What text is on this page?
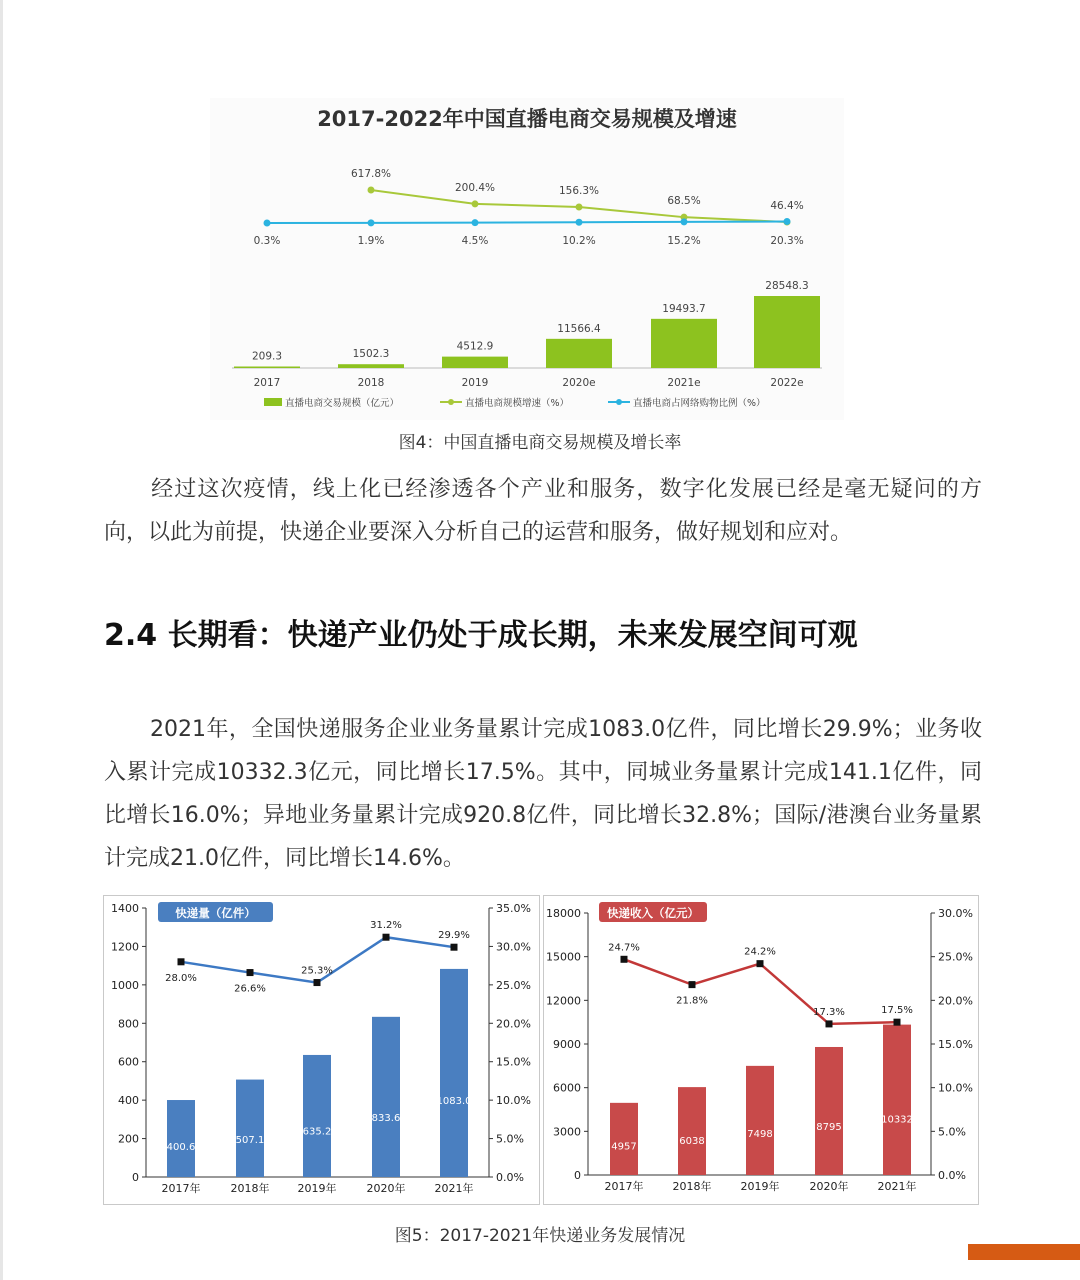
2017-2022年中国直播电商交易规模及增速
209.3
2017
1502.3
2018
4512.9
2019
11566.4
2020e
19493.7
2021e
28548.3
2022e
617.8%
200.4%	156.3%
68.5%	46.4%
0.3%	1.9%	4.5%	10.2%	15.2%	20.3%
直播电商交易规模（亿元）	直播电商规模增速（%）	直播电商占网络购物比例（%）
图4：中国直播电商交易规模及增长率
经过这次疫情，线上化已经渗透各个产业和服务，数字化发展已经是毫无疑问的方向，以此为前提，快递企业要深入分析自己的运营和服务，做好规划和应对。
2.4 长期看：快递产业仍处于成长期，未来发展空间可观
2021年，全国快递服务企业业务量累计完成1083.0亿件，同比增长29.9%；业务收入累计完成10332.3亿元，同比增长17.5%。其中，同城业务量累计完成141.1亿件，同比增长16.0%；异地业务量累计完成920.8亿件，同比增长32.8%；国际/港澳台业务量累计完成21.0亿件，同比增长14.6%。
0
200
400
600
800
1000
1200
1400
0.0%
5.0%
10.0%
15.0%
20.0%
25.0%
30.0%
35.0%
400.6
2017年
507.1
2018年
635.2
2019年
833.6
2020年
1083.0
2021年
28.0%
26.6%
25.3%
31.2%
29.9%
快递量（亿件）
0
3000
6000
9000
12000
15000
18000
0.0%
5.0%
10.0%
15.0%
20.0%
25.0%
30.0%
4957
2017年
6038
2018年
7498
2019年
8795
2020年
10332
2021年
24.7%
21.8%
24.2%
17.3%	17.5%
快递收入（亿元）
图5：2017-2021年快递业务发展情况
